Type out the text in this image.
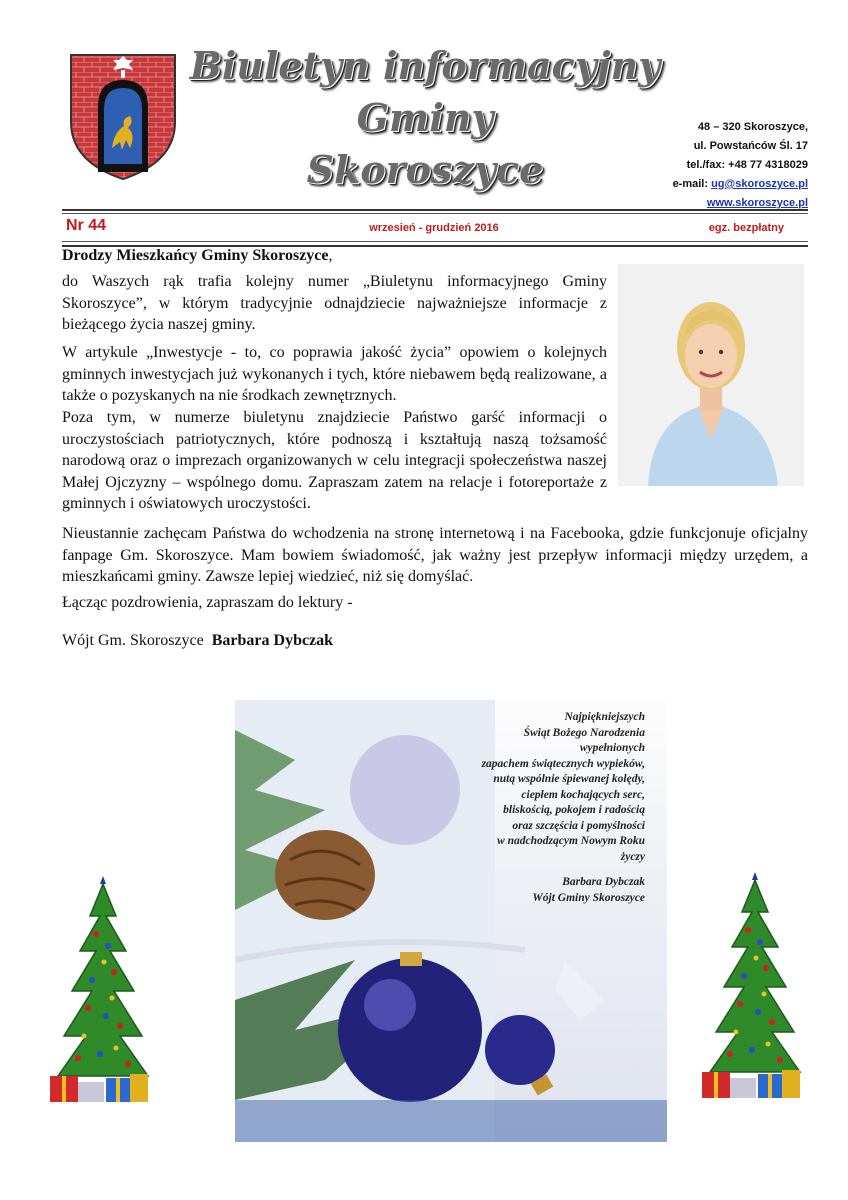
Biuletyn informacyjny
Gminy
Skoroszyce
48 – 320 Skoroszyce,
ul. Powstańców Śl. 17
tel./fax: +48 77 4318029
e-mail: ug@skoroszyce.pl
www.skoroszyce.pl
Nr 44	wrzesień - grudzień 2016	egz. bezpłatny
Drodzy Mieszkańcy Gminy Skoroszyce,
do Waszych rąk trafia kolejny numer „Biuletynu informacyjnego Gminy Skoroszyce”, w którym tradycyjnie odnajdziecie najważniejsze informacje z bieżącego życia naszej gminy.
W artykule „Inwestycje - to, co poprawia jakość życia” opowiem o kolejnych gminnych inwestycjach już wykonanych i tych, które niebawem będą realizowane, a także o pozyskanych na nie środkach zewnętrznych.
Poza tym, w numerze biuletynu znajdziecie Państwo garść informacji o uroczystościach patriotycznych, które podnoszą i kształtują naszą tożsamość narodową oraz o imprezach organizowanych w celu integracji społeczeństwa naszej Małej Ojczyzny – wspólnego domu. Zapraszam zatem na relacje i fotoreportaże z gminnych i oświatowych uroczystości.
Nieustannie zachęcam Państwa do wchodzenia na stronę internetową i na Facebooka, gdzie funkcjonuje oficjalny fanpage Gm. Skoroszyce. Mam bowiem świadomość, jak ważny jest przepływ informacji między urzędem, a mieszkańcami gminy. Zawsze lepiej wiedzieć, niż się domyślać.
Łącząc pozdrowienia, zapraszam do lektury -
Wójt Gm. Skoroszyce Barbara Dybczak
Najpiękniejszych
Świąt Bożego Narodzenia
wypełnionych
zapachem świątecznych wypieków,
nutą wspólnie śpiewanej kolędy,
ciepłem kochających serc,
bliskością, pokojem i radością
oraz szczęścia i pomyślności
w nadchodzącym Nowym Roku
życzy
Barbara Dybczak
Wójt Gminy Skoroszyce
